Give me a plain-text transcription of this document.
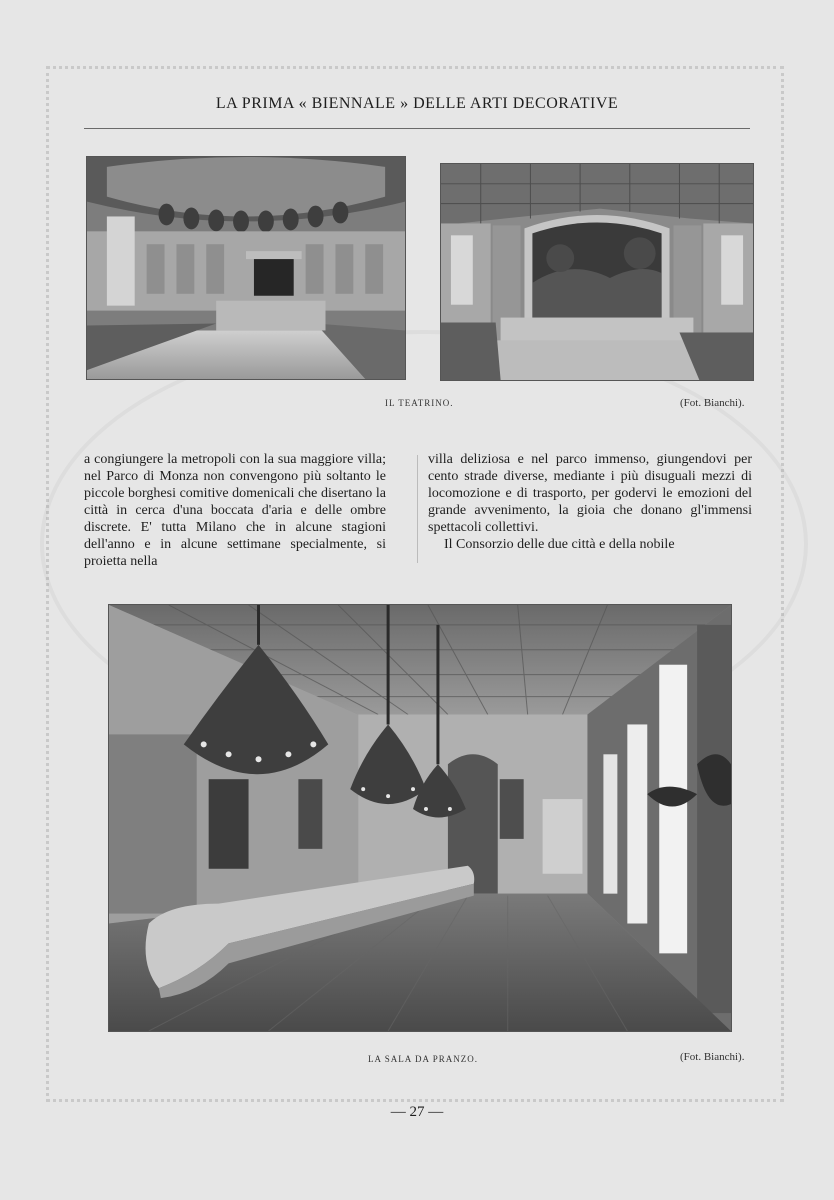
LA PRIMA « BIENNALE » DELLE ARTI DECORATIVE
IL TEATRINO.	(Fot. Bianchi).

a congiungere la metropoli con la sua maggiore villa; nel Parco di Monza non convengono più soltanto le piccole borghesi comitive domenicali che disertano la città in cerca d'una boccata d'aria e delle ombre discrete. E' tutta Milano che in alcune stagioni dell'anno e in alcune settimane specialmente, si proietta nella

villa deliziosa e nel parco immenso, giungendovi per cento strade diverse, mediante i più disuguali mezzi di locomozione e di trasporto, per godervi le emozioni del grande avvenimento, la gioia che donano gl'immensi spettacoli collettivi.

Il Consorzio delle due città e della nobile

LA SALA DA PRANZO.	(Fot. Bianchi).
— 27 —
